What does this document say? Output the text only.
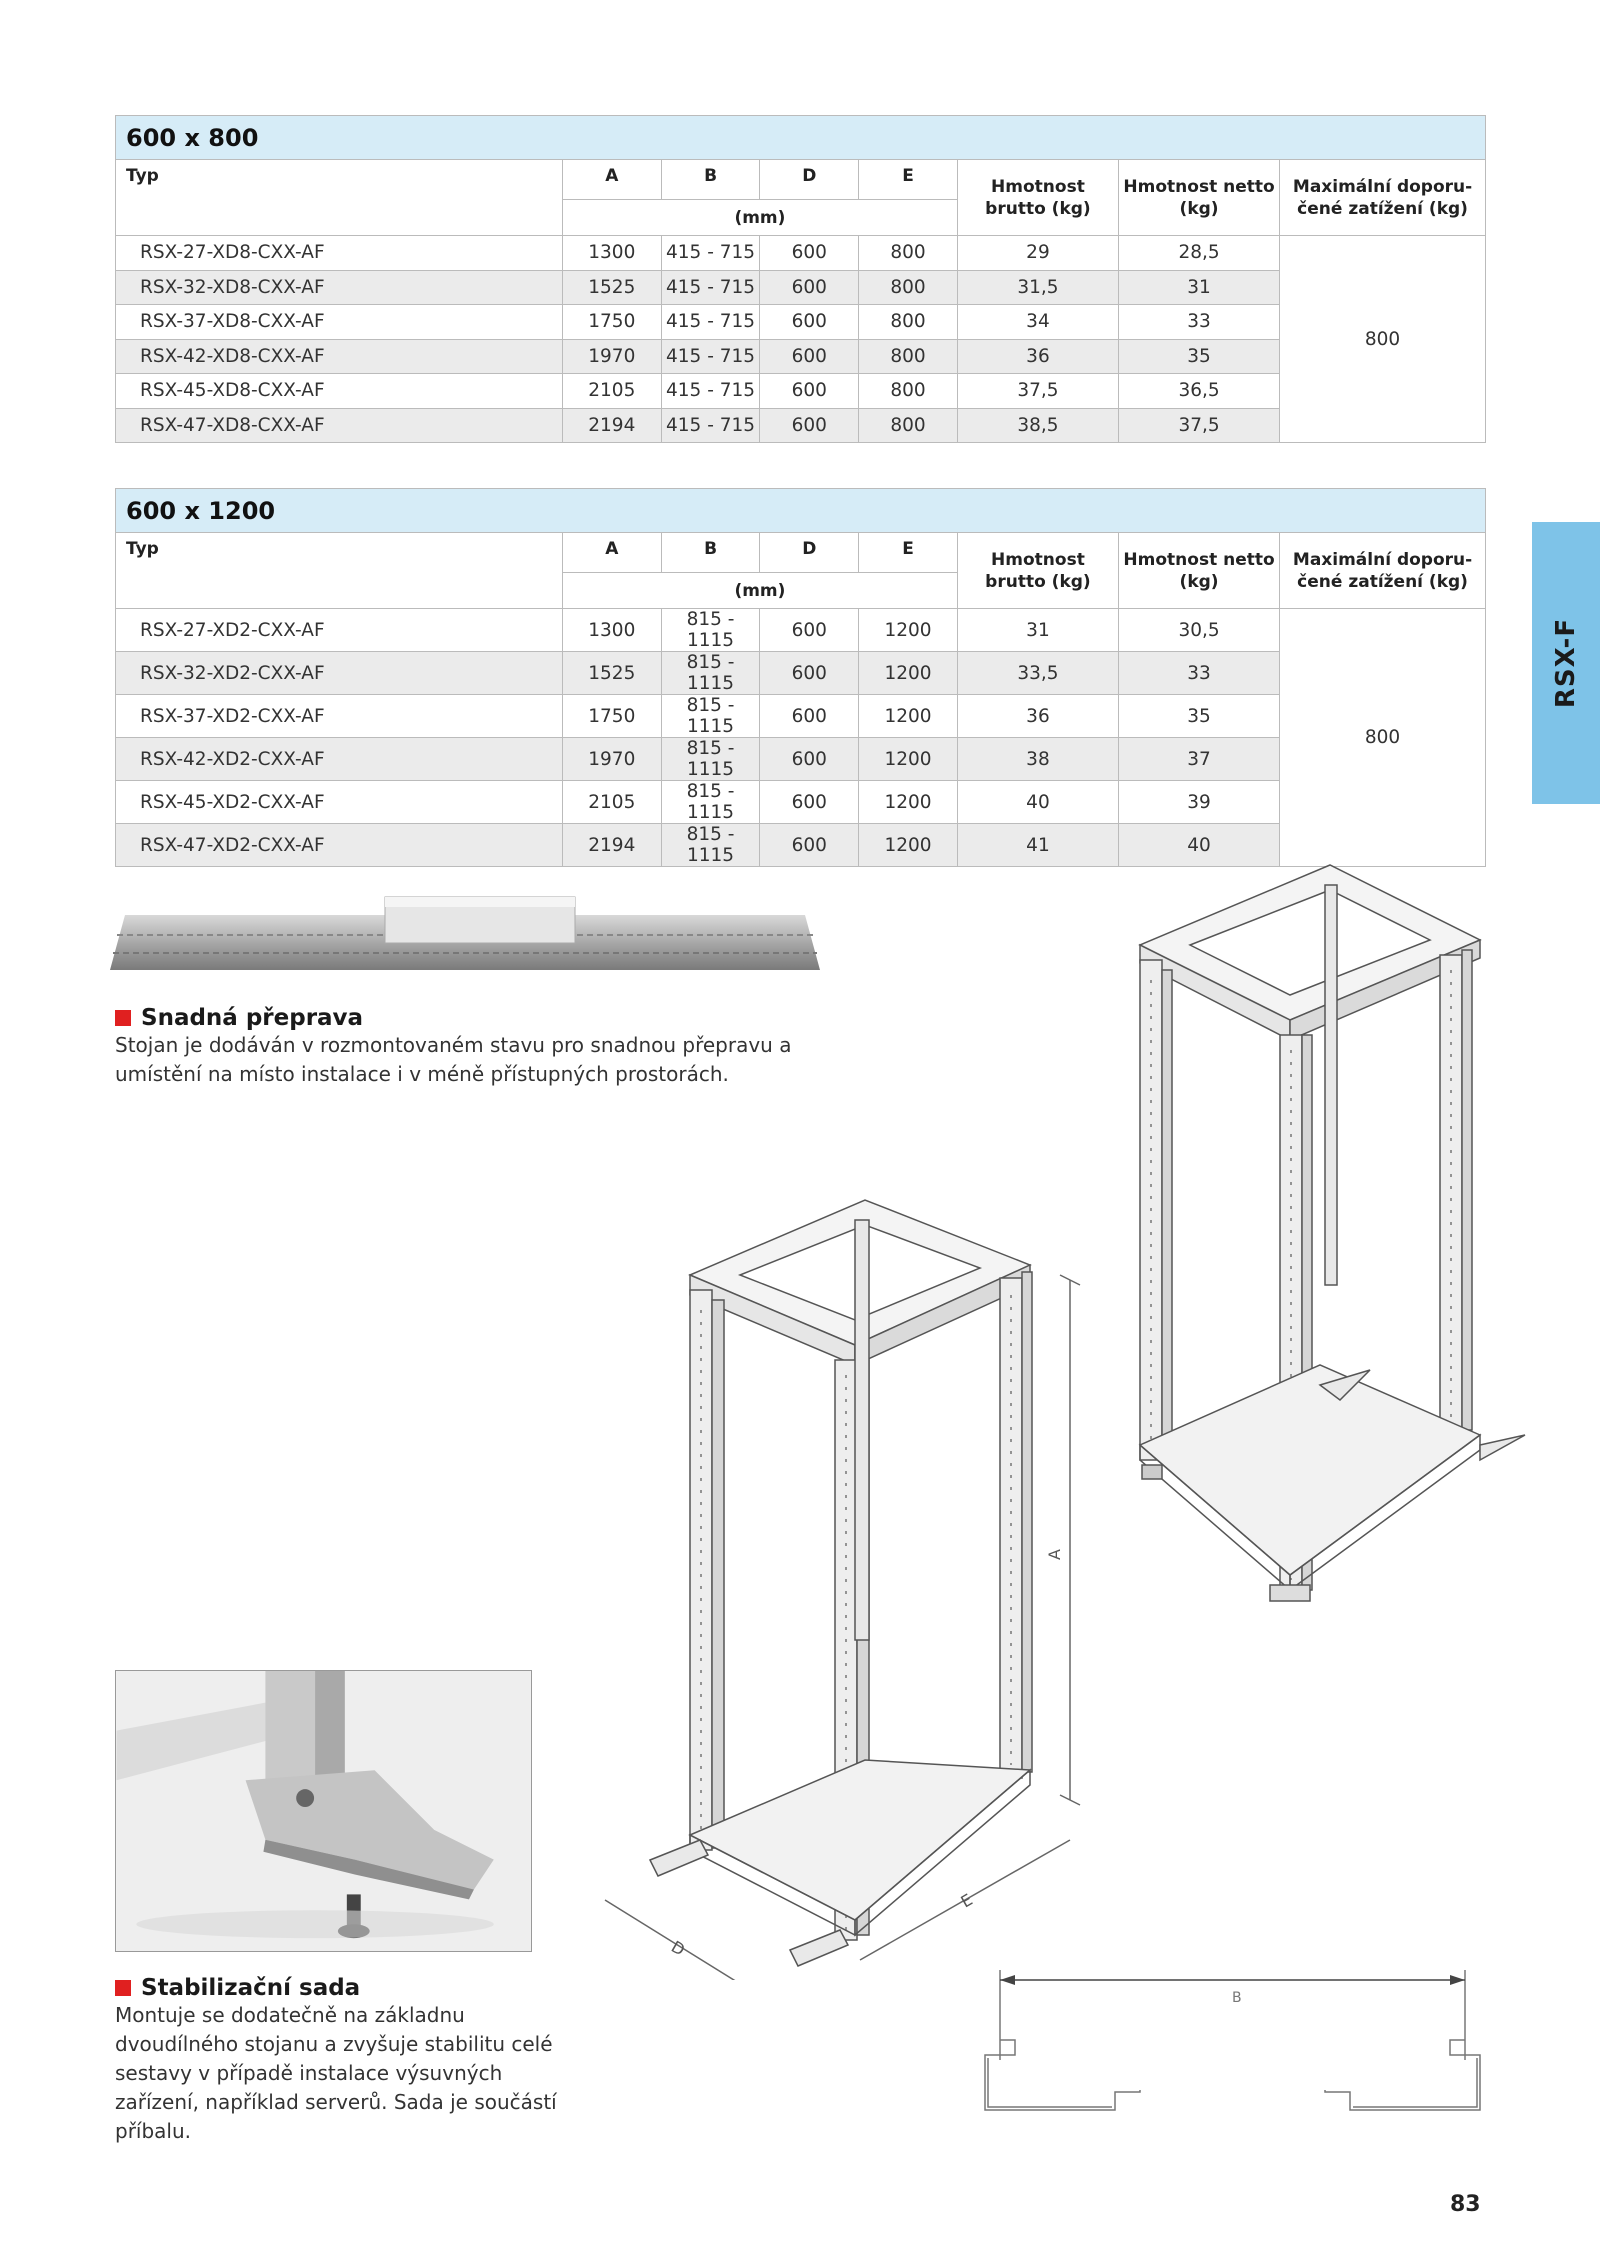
600 x 800							
Typ	A	B	D	E	Hmotnost brutto (kg)	Hmotnost netto (kg)	Maximální doporu-čené zatížení (kg)
	(mm)						
RSX-27-XD8-CXX-AF	1300	415 - 715	600	800	29	28,5	800
RSX-32-XD8-CXX-AF	1525	415 - 715	600	800	31,5	31	
RSX-37-XD8-CXX-AF	1750	415 - 715	600	800	34	33	
RSX-42-XD8-CXX-AF	1970	415 - 715	600	800	36	35	
RSX-45-XD8-CXX-AF	2105	415 - 715	600	800	37,5	36,5	
RSX-47-XD8-CXX-AF	2194	415 - 715	600	800	38,5	37,5	
600 x 1200							
Typ	A	B	D	E	Hmotnost brutto (kg)	Hmotnost netto (kg)	Maximální doporu-čené zatížení (kg)
	(mm)						
RSX-27-XD2-CXX-AF	1300	815 - 1115	600	1200	31	30,5	800
RSX-32-XD2-CXX-AF	1525	815 - 1115	600	1200	33,5	33	
RSX-37-XD2-CXX-AF	1750	815 - 1115	600	1200	36	35	
RSX-42-XD2-CXX-AF	1970	815 - 1115	600	1200	38	37	
RSX-45-XD2-CXX-AF	2105	815 - 1115	600	1200	40	39	
RSX-47-XD2-CXX-AF	2194	815 - 1115	600	1200	41	40	
RSX-F
Snadná přeprava
Stojan je dodáván v rozmontovaném stavu pro snadnou přepravu a umístění na místo instalace i v méně přístupných prostorách.
Stabilizační sada
Montuje se dodatečně na základnu dvoudílného stojanu a zvyšuje stabilitu celé sestavy v případě instalace výsuvných zařízení, například serverů. Sada je součástí příbalu.
A
D
E
B
83
